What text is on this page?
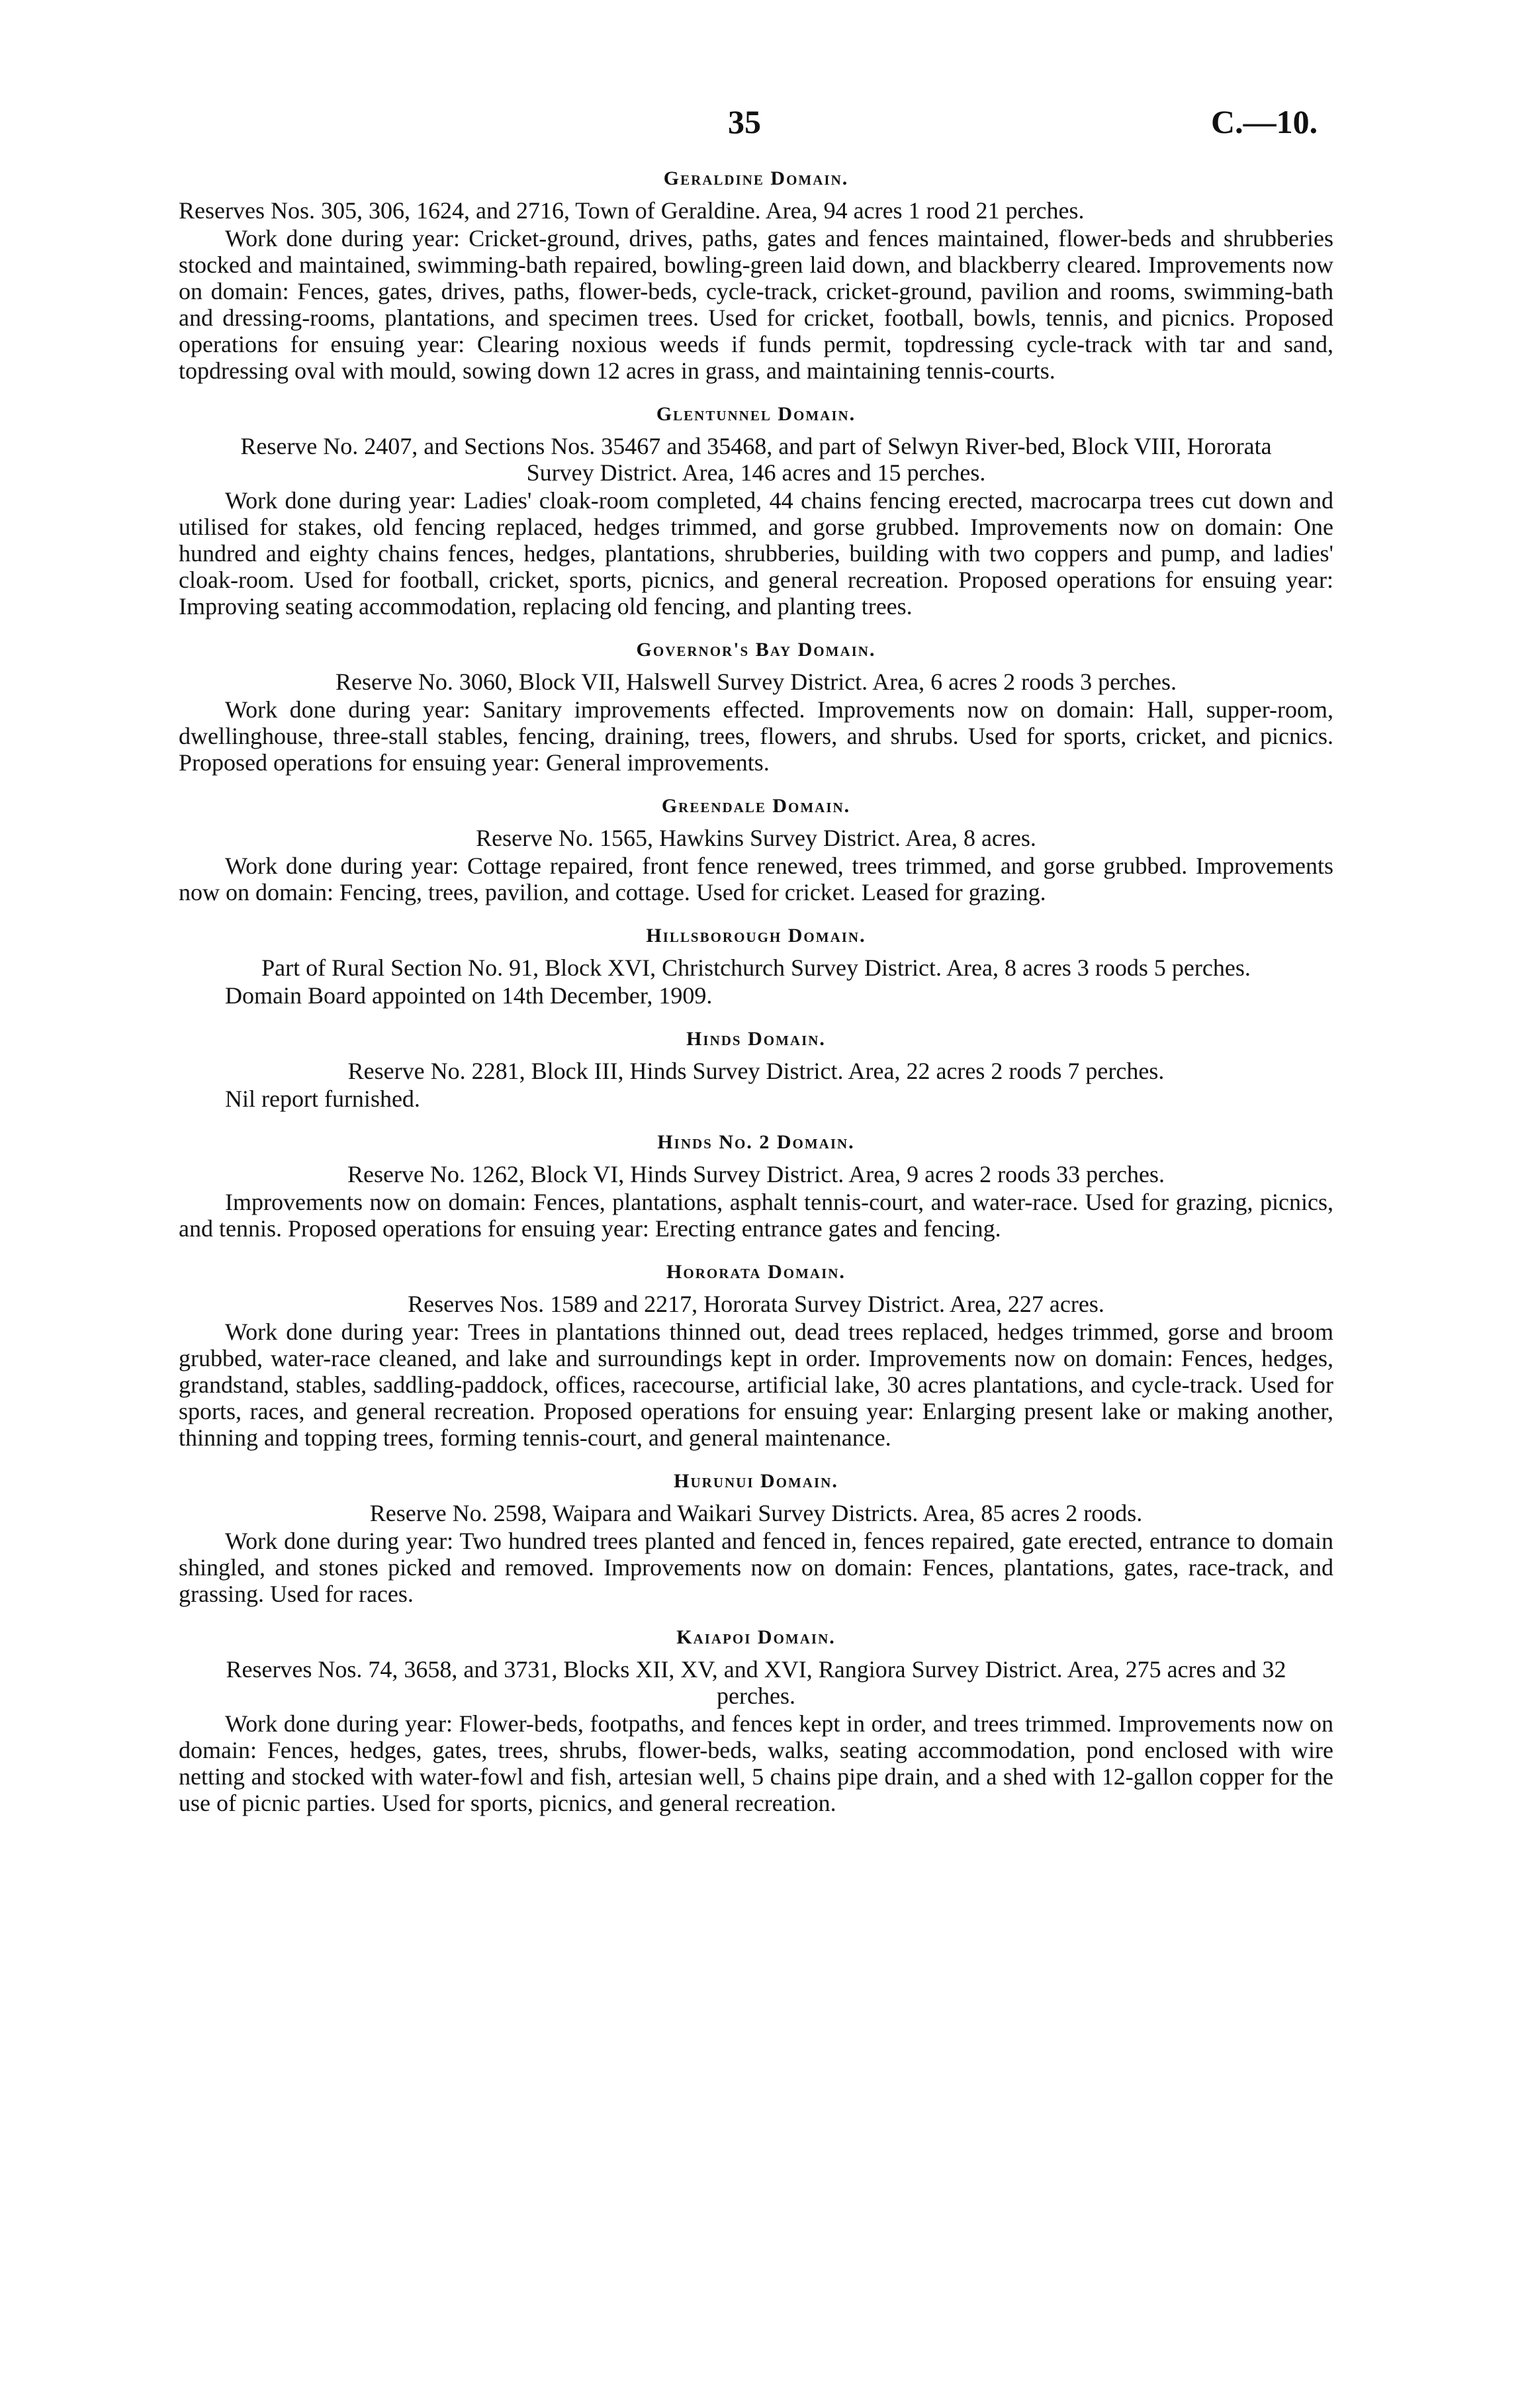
35	C.—10.
Geraldine Domain.

Reserves Nos. 305, 306, 1624, and 2716, Town of Geraldine. Area, 94 acres 1 rood 21 perches.

Work done during year: Cricket-ground, drives, paths, gates and fences maintained, flower-beds and shrubberies stocked and maintained, swimming-bath repaired, bowling-green laid down, and blackberry cleared. Improvements now on domain: Fences, gates, drives, paths, flower-beds, cycle-track, cricket-ground, pavilion and rooms, swimming-bath and dressing-rooms, plantations, and specimen trees. Used for cricket, football, bowls, tennis, and picnics. Proposed operations for ensuing year: Clearing noxious weeds if funds permit, topdressing cycle-track with tar and sand, topdressing oval with mould, sowing down 12 acres in grass, and maintaining tennis-courts.

Glentunnel Domain.

Reserve No. 2407, and Sections Nos. 35467 and 35468, and part of Selwyn River-bed, Block VIII, Hororata Survey District. Area, 146 acres and 15 perches.

Work done during year: Ladies' cloak-room completed, 44 chains fencing erected, macrocarpa trees cut down and utilised for stakes, old fencing replaced, hedges trimmed, and gorse grubbed. Improvements now on domain: One hundred and eighty chains fences, hedges, plantations, shrubberies, building with two coppers and pump, and ladies' cloak-room. Used for football, cricket, sports, picnics, and general recreation. Proposed operations for ensuing year: Improving seating accommodation, replacing old fencing, and planting trees.

Governor's Bay Domain.

Reserve No. 3060, Block VII, Halswell Survey District. Area, 6 acres 2 roods 3 perches.

Work done during year: Sanitary improvements effected. Improvements now on domain: Hall, supper-room, dwellinghouse, three-stall stables, fencing, draining, trees, flowers, and shrubs. Used for sports, cricket, and picnics. Proposed operations for ensuing year: General improvements.

Greendale Domain.

Reserve No. 1565, Hawkins Survey District. Area, 8 acres.

Work done during year: Cottage repaired, front fence renewed, trees trimmed, and gorse grubbed. Improvements now on domain: Fencing, trees, pavilion, and cottage. Used for cricket. Leased for grazing.

Hillsborough Domain.

Part of Rural Section No. 91, Block XVI, Christchurch Survey District. Area, 8 acres 3 roods 5 perches.

Domain Board appointed on 14th December, 1909.

Hinds Domain.

Reserve No. 2281, Block III, Hinds Survey District. Area, 22 acres 2 roods 7 perches.

Nil report furnished.

Hinds No. 2 Domain.

Reserve No. 1262, Block VI, Hinds Survey District. Area, 9 acres 2 roods 33 perches.

Improvements now on domain: Fences, plantations, asphalt tennis-court, and water-race. Used for grazing, picnics, and tennis. Proposed operations for ensuing year: Erecting entrance gates and fencing.

Hororata Domain.

Reserves Nos. 1589 and 2217, Hororata Survey District. Area, 227 acres.

Work done during year: Trees in plantations thinned out, dead trees replaced, hedges trimmed, gorse and broom grubbed, water-race cleaned, and lake and surroundings kept in order. Improvements now on domain: Fences, hedges, grandstand, stables, saddling-paddock, offices, racecourse, artificial lake, 30 acres plantations, and cycle-track. Used for sports, races, and general recreation. Proposed operations for ensuing year: Enlarging present lake or making another, thinning and topping trees, forming tennis-court, and general maintenance.

Hurunui Domain.

Reserve No. 2598, Waipara and Waikari Survey Districts. Area, 85 acres 2 roods.

Work done during year: Two hundred trees planted and fenced in, fences repaired, gate erected, entrance to domain shingled, and stones picked and removed. Improvements now on domain: Fences, plantations, gates, race-track, and grassing. Used for races.

Kaiapoi Domain.

Reserves Nos. 74, 3658, and 3731, Blocks XII, XV, and XVI, Rangiora Survey District. Area, 275 acres and 32 perches.

Work done during year: Flower-beds, footpaths, and fences kept in order, and trees trimmed. Improvements now on domain: Fences, hedges, gates, trees, shrubs, flower-beds, walks, seating accommodation, pond enclosed with wire netting and stocked with water-fowl and fish, artesian well, 5 chains pipe drain, and a shed with 12-gallon copper for the use of picnic parties. Used for sports, picnics, and general recreation.
